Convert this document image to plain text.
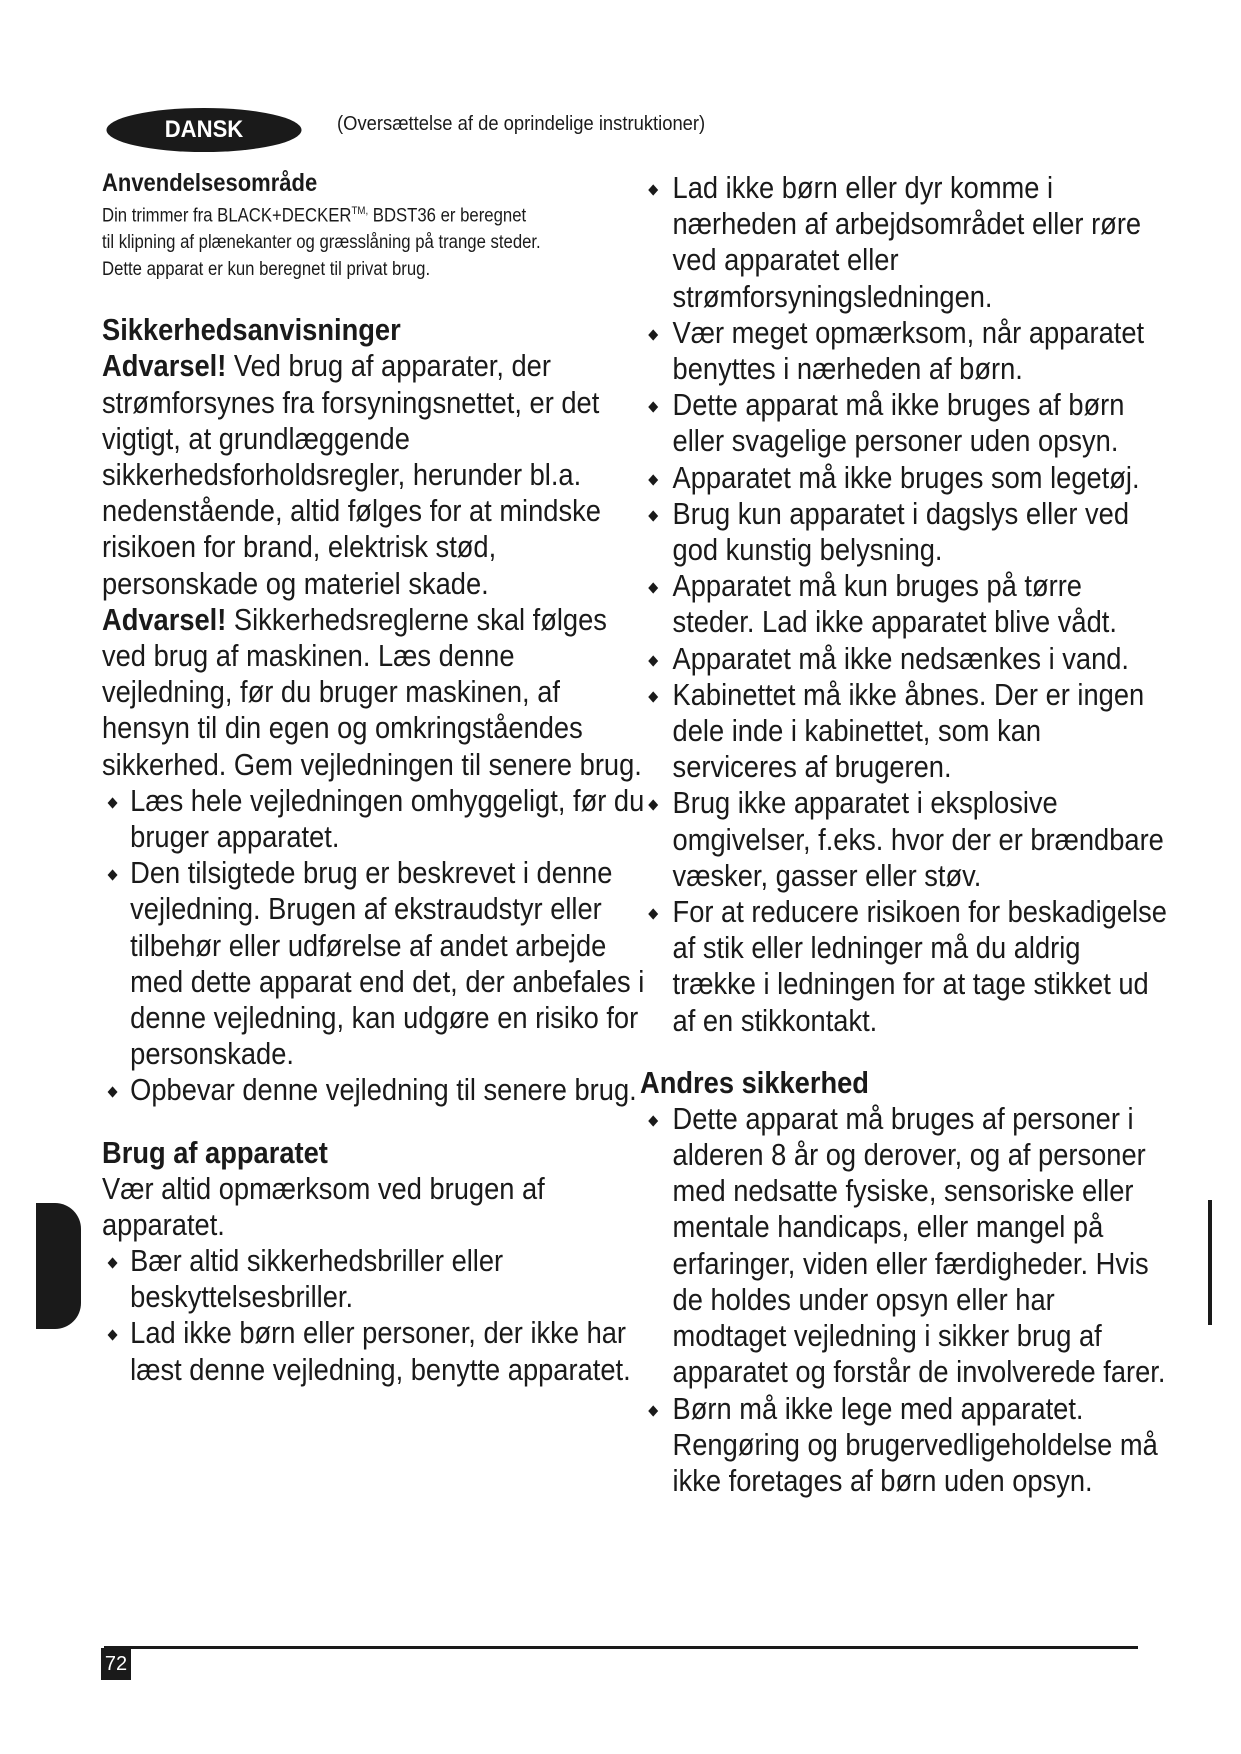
DANSK	(Oversættelse af de oprindelige instruktioner)
Anvendelsesområde

Din trimmer fra $BLACK+DECKER^{TM,}$ BDST36 er beregnet

til klipning af plænekanter og græsslåning på trange steder.

Dette apparat er kun beregnet til privat brug.

Sikkerhedsanvisninger

Advarsel! Ved brug af apparater, der strømforsynes fra forsyningsnettet, er det vigtigt, at grundlæggende sikkerhedsforholdsregler, herunder bl.a. nedenstående, altid følges for at mindske risikoen for brand, elektrisk stød, personskade og materiel skade.

Advarsel! Sikkerhedsreglerne skal følges ved brug af maskinen. Læs denne vejledning, før du bruger maskinen, af hensyn til din egen og omkringståendes sikkerhed. Gem vejledningen til senere brug.

Læs hele vejledningen omhyggeligt, før du bruger apparatet.
Den tilsigtede brug er beskrevet i denne vejledning. Brugen af ekstraudstyr eller tilbehør eller udførelse af andet arbejde med dette apparat end det, der anbefales i denne vejledning, kan udgøre en risiko for personskade.
Opbevar denne vejledning til senere brug.
Brug af apparatet

Vær altid opmærksom ved brugen af apparatet.

Bær altid sikkerhedsbriller eller beskyttelsesbriller.
Lad ikke børn eller personer, der ikke har læst denne vejledning, benytte apparatet.
Lad ikke børn eller dyr komme i nærheden af arbejdsområdet eller røre ved apparatet eller strømforsyningsledningen.
Vær meget opmærksom, når apparatet benyttes i nærheden af børn.
Dette apparat må ikke bruges af børn eller svagelige personer uden opsyn.
Apparatet må ikke bruges som legetøj.
Brug kun apparatet i dagslys eller ved god kunstig belysning.
Apparatet må kun bruges på tørre steder. Lad ikke apparatet blive vådt.
Apparatet må ikke nedsænkes i vand.
Kabinettet må ikke åbnes. Der er ingen dele inde i kabinettet, som kan serviceres af brugeren.
Brug ikke apparatet i eksplosive omgivelser, f.eks. hvor der er brændbare væsker, gasser eller støv.
For at reducere risikoen for beskadigelse af stik eller ledninger må du aldrig trække i ledningen for at tage stikket ud af en stikkontakt.
Andres sikkerhed
Dette apparat må bruges af personer i alderen 8 år og derover, og af personer med nedsatte fysiske, sensoriske eller mentale handicaps, eller mangel på erfaringer, viden eller færdigheder. Hvis de holdes under opsyn eller har modtaget vejledning i sikker brug af apparatet og forstår de involverede farer.
Børn må ikke lege med apparatet. Rengøring og brugervedligeholdelse må ikke foretages af børn uden opsyn.
72
